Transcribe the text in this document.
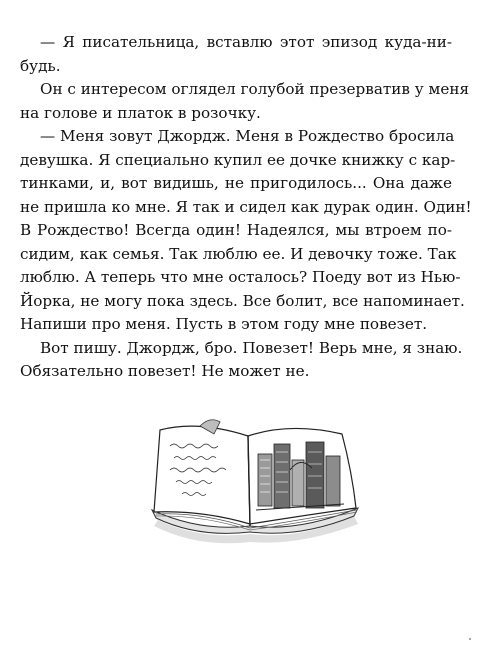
— Я писательница, вставлю этот эпизод куда-ни-
будь.
Он с интересом оглядел голубой презерватив у меня
на голове и платок в розочку.
— Меня зовут Джордж. Меня в Рождество бросила
девушка. Я специально купил ее дочке книжку с кар-
тинками, и, вот видишь, не пригодилось... Она даже
не пришла ко мне. Я так и сидел как дурак один. Один!
В Рождество! Всегда один! Надеялся, мы втроем по-
сидим, как семья. Так люблю ее. И девочку тоже. Так
люблю. А теперь что мне осталось? Поеду вот из Нью-
Йорка, не могу пока здесь. Все болит, все напоминает.
Напиши про меня. Пусть в этом году мне повезет.
Вот пишу. Джордж, бро. Повезет! Верь мне, я знаю.
Обязательно повезет! Не может не.
